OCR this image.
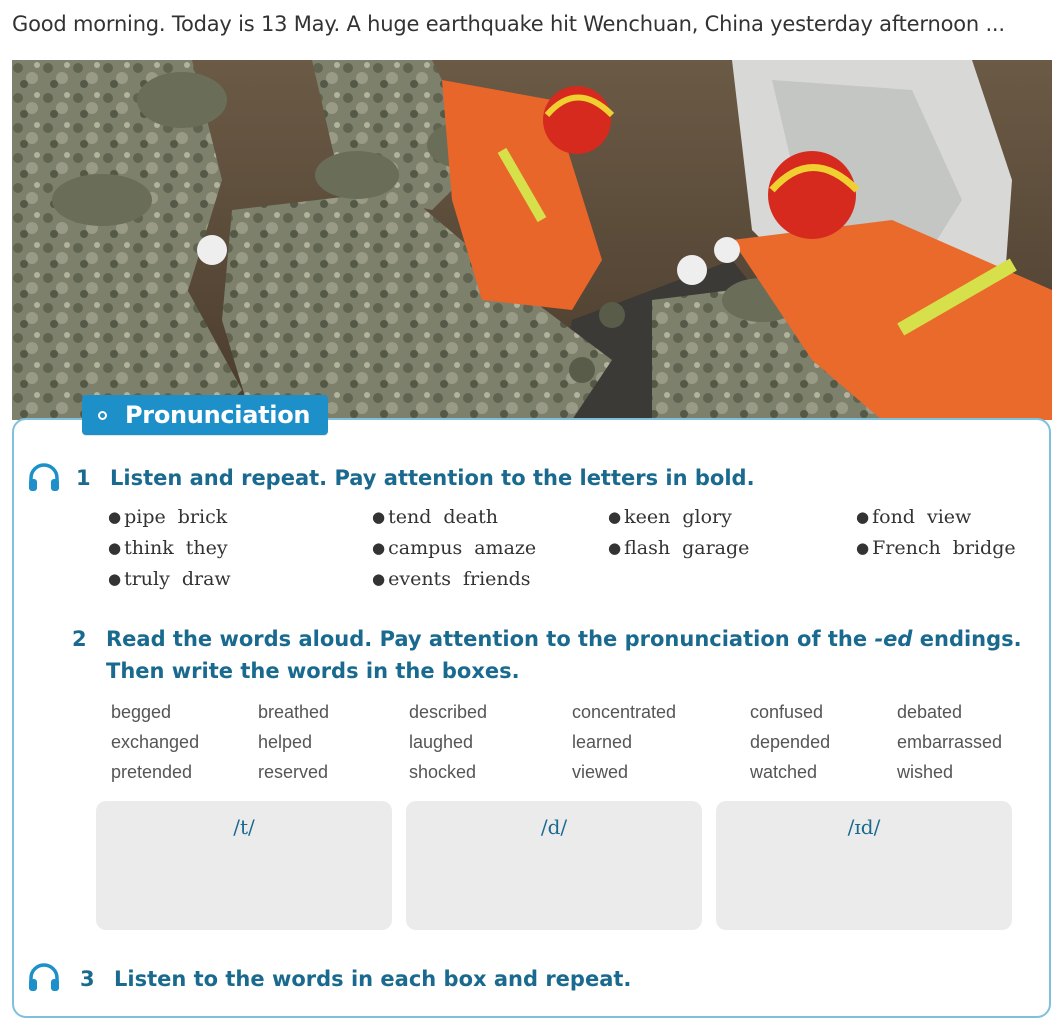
Good morning. Today is 13 May. A huge earthquake hit Wenchuan, China yesterday afternoon ...
Pronunciation
1 Listen and repeat. Pay attention to the letters in bold.
● pipe brick
● think they
● truly draw
● tend death
● campus amaze
● events friends
● keen glory
● flash garage
● fond view
● French bridge
2 Read the words aloud. Pay attention to the pronunciation of the -ed endings.
Then write the words in the boxes.
begged	breathed	described	concentrated	confused	debated
exchanged	helped	laughed	learned	depended	embarrassed
pretended	reserved	shocked	viewed	watched	wished
/t/	/d/	/ɪd/
3 Listen to the words in each box and repeat.
